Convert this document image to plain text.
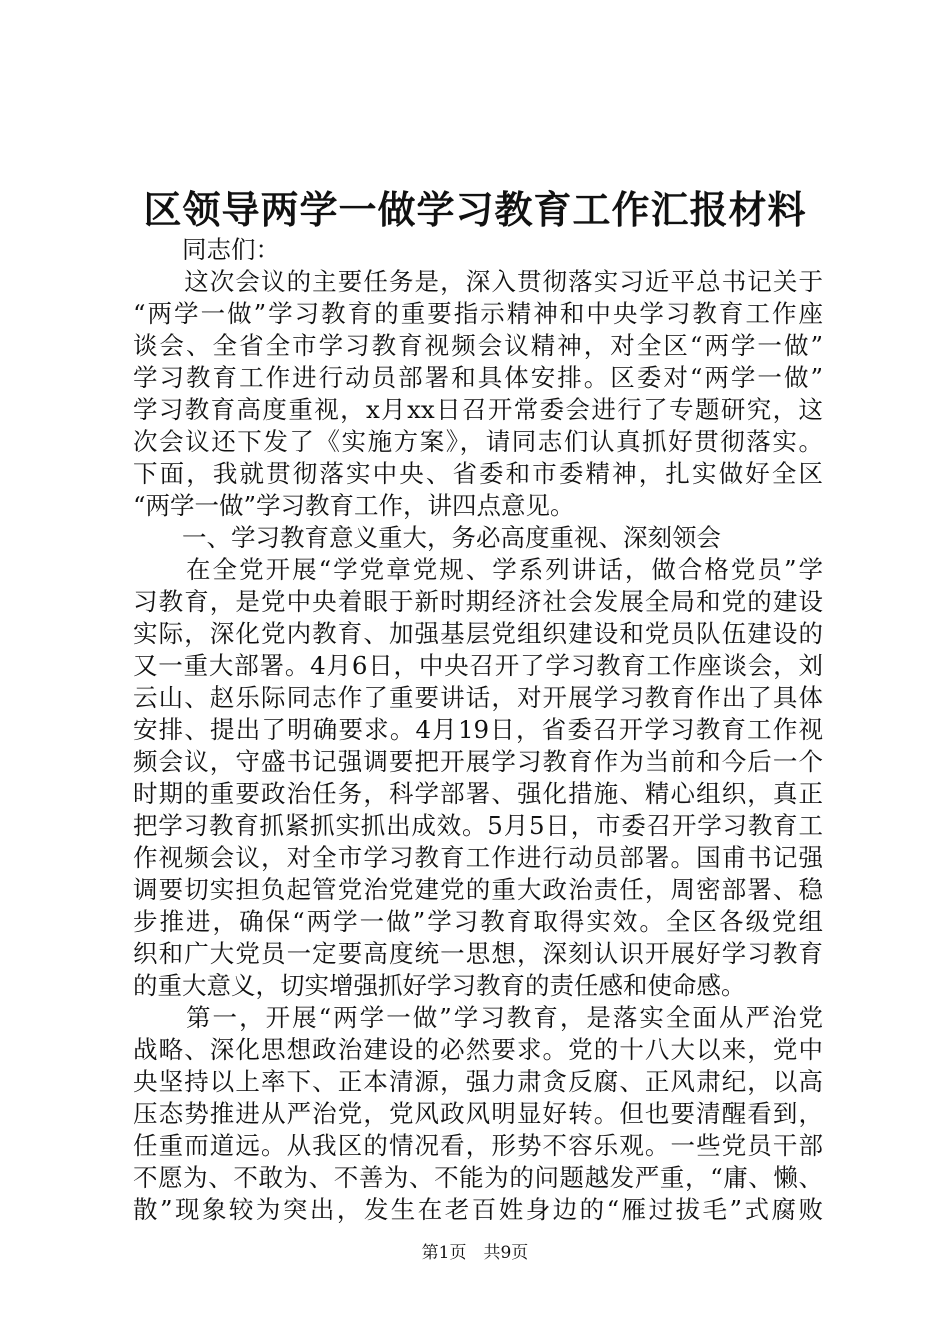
区领导两学一做学习教育工作汇报材料
　　同志们：
　　这次会议的主要任务是，深入贯彻落实习近平总书记关于
“两学一做”学习教育的重要指示精神和中央学习教育工作座
谈会、全省全市学习教育视频会议精神，对全区“两学一做”
学习教育工作进行动员部署和具体安排。区委对“两学一做”
学习教育高度重视，x月xx日召开常委会进行了专题研究，这
次会议还下发了《实施方案》，请同志们认真抓好贯彻落实。
下面，我就贯彻落实中央、省委和市委精神，扎实做好全区
“两学一做”学习教育工作，讲四点意见。
　　一、学习教育意义重大，务必高度重视、深刻领会
　　在全党开展“学党章党规、学系列讲话，做合格党员”学
习教育，是党中央着眼于新时期经济社会发展全局和党的建设
实际，深化党内教育、加强基层党组织建设和党员队伍建设的
又一重大部署。4月6日，中央召开了学习教育工作座谈会，刘
云山、赵乐际同志作了重要讲话，对开展学习教育作出了具体
安排、提出了明确要求。4月19日，省委召开学习教育工作视
频会议，守盛书记强调要把开展学习教育作为当前和今后一个
时期的重要政治任务，科学部署、强化措施、精心组织，真正
把学习教育抓紧抓实抓出成效。5月5日，市委召开学习教育工
作视频会议，对全市学习教育工作进行动员部署。国甫书记强
调要切实担负起管党治党建党的重大政治责任，周密部署、稳
步推进，确保“两学一做”学习教育取得实效。全区各级党组
织和广大党员一定要高度统一思想，深刻认识开展好学习教育
的重大意义，切实增强抓好学习教育的责任感和使命感。
　　第一，开展“两学一做”学习教育，是落实全面从严治党
战略、深化思想政治建设的必然要求。党的十八大以来，党中
央坚持以上率下、正本清源，强力肃贪反腐、正风肃纪，以高
压态势推进从严治党，党风政风明显好转。但也要清醒看到，
任重而道远。从我区的情况看，形势不容乐观。一些党员干部
不愿为、不敢为、不善为、不能为的问题越发严重，“庸、懒、
散”现象较为突出，发生在老百姓身边的“雁过拔毛”式腐败
第1页　共9页
